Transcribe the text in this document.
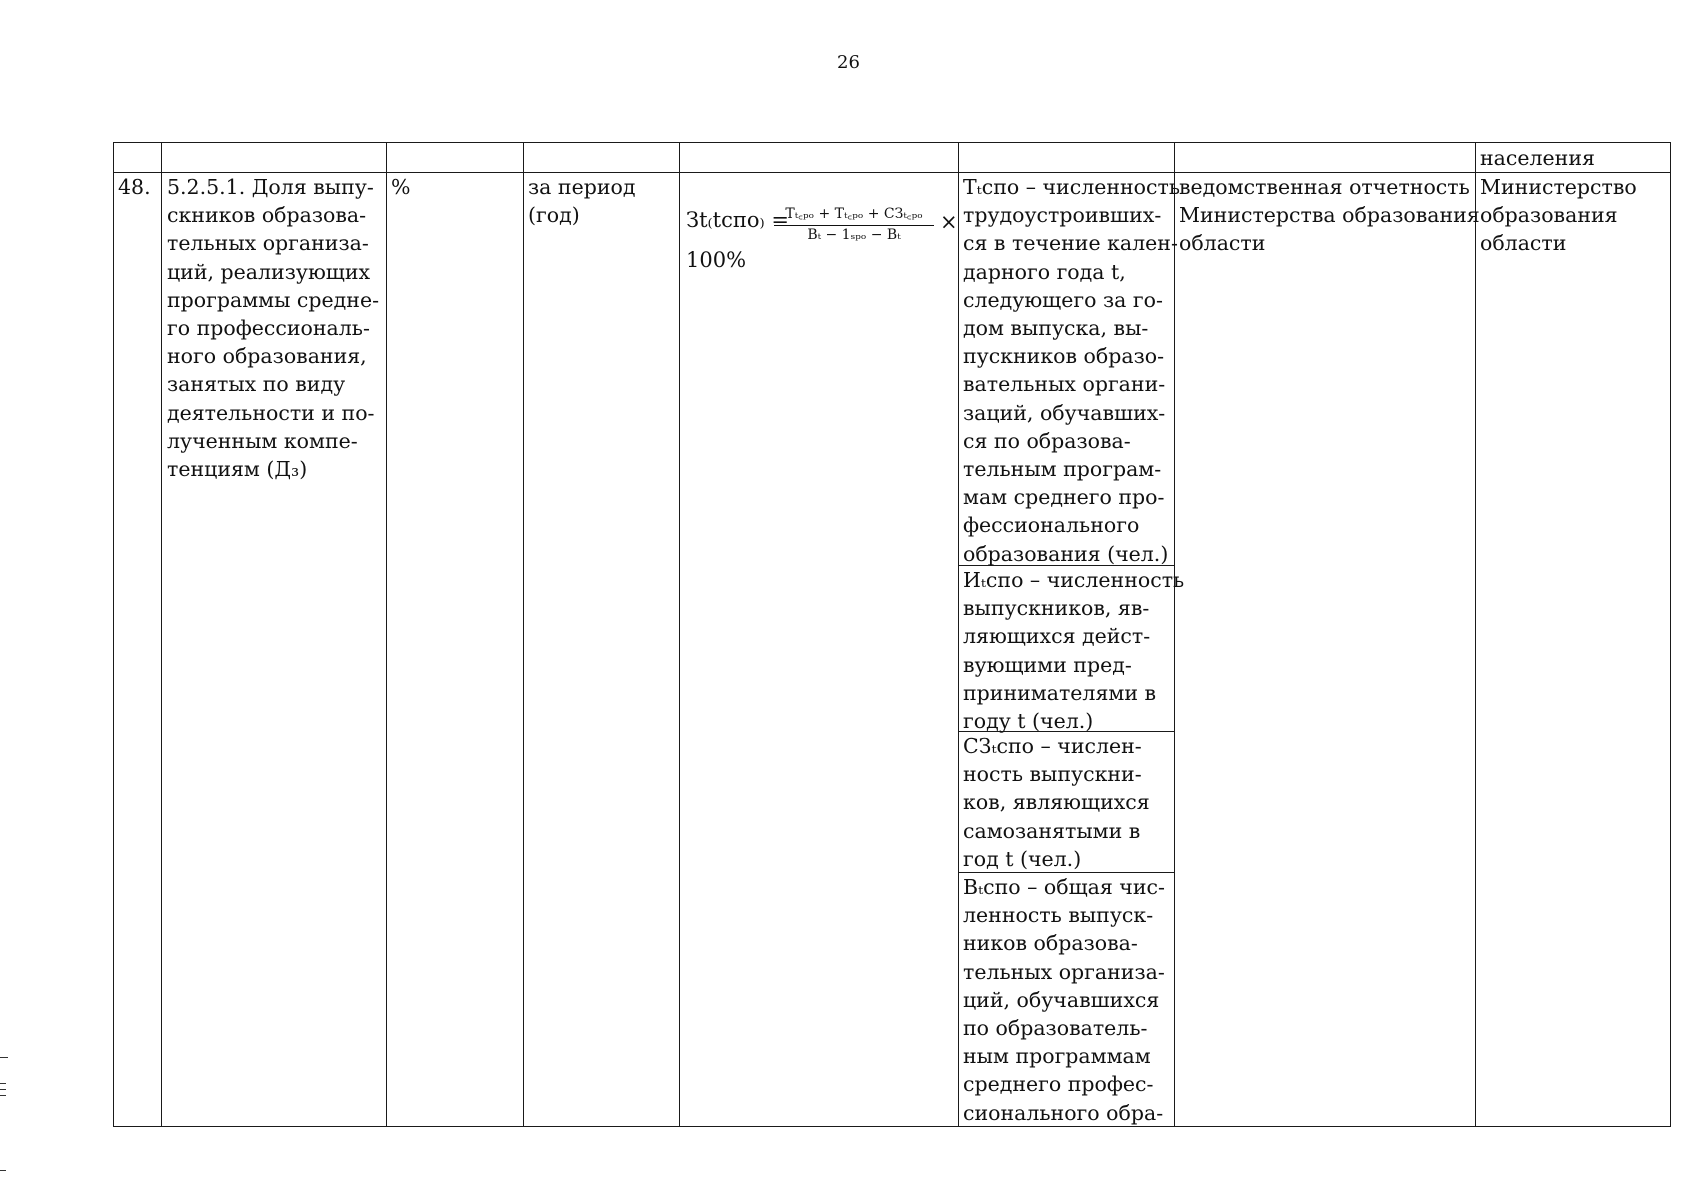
26
населения
48. 5.2.5.1. Доля выпу-
скников образова-
тельных организа-
ций, реализующих
программы средне-
го профессиональ-
ного образования,
занятых по виду
деятельности и по-
лученным компе-
тенциям (Д₃)
%	за период
(год)	Зt₍tспо₎ =
Тₜ꜀ₚₒ + Тₜ꜀ₚₒ + СЗₜ꜀ₚₒ
Вₜ − 1ₛₚₒ − Вₜ
×
100%
Тₜспо – численность
трудоустроивших-
ся в течение кален-
дарного года t,
следующего за го-
дом выпуска, вы-
пускников образо-
вательных органи-
заций, обучавших-
ся по образова-
тельным програм-
мам среднего про-
фессионального
образования (чел.)
Иₜспо – численность
выпускников, яв-
ляющихся дейст-
вующими пред-
принимателями в
году t (чел.)
СЗₜспо – числен-
ность выпускни-
ков, являющихся
самозанятыми в
год t (чел.)
Вₜспо – общая чис-
ленность выпуск-
ников образова-
тельных организа-
ций, обучавшихся
по образователь-
ным программам
среднего профес-
сионального обра-
ведомственная отчетность
Министерства образования
области
Министерство
образования
области
